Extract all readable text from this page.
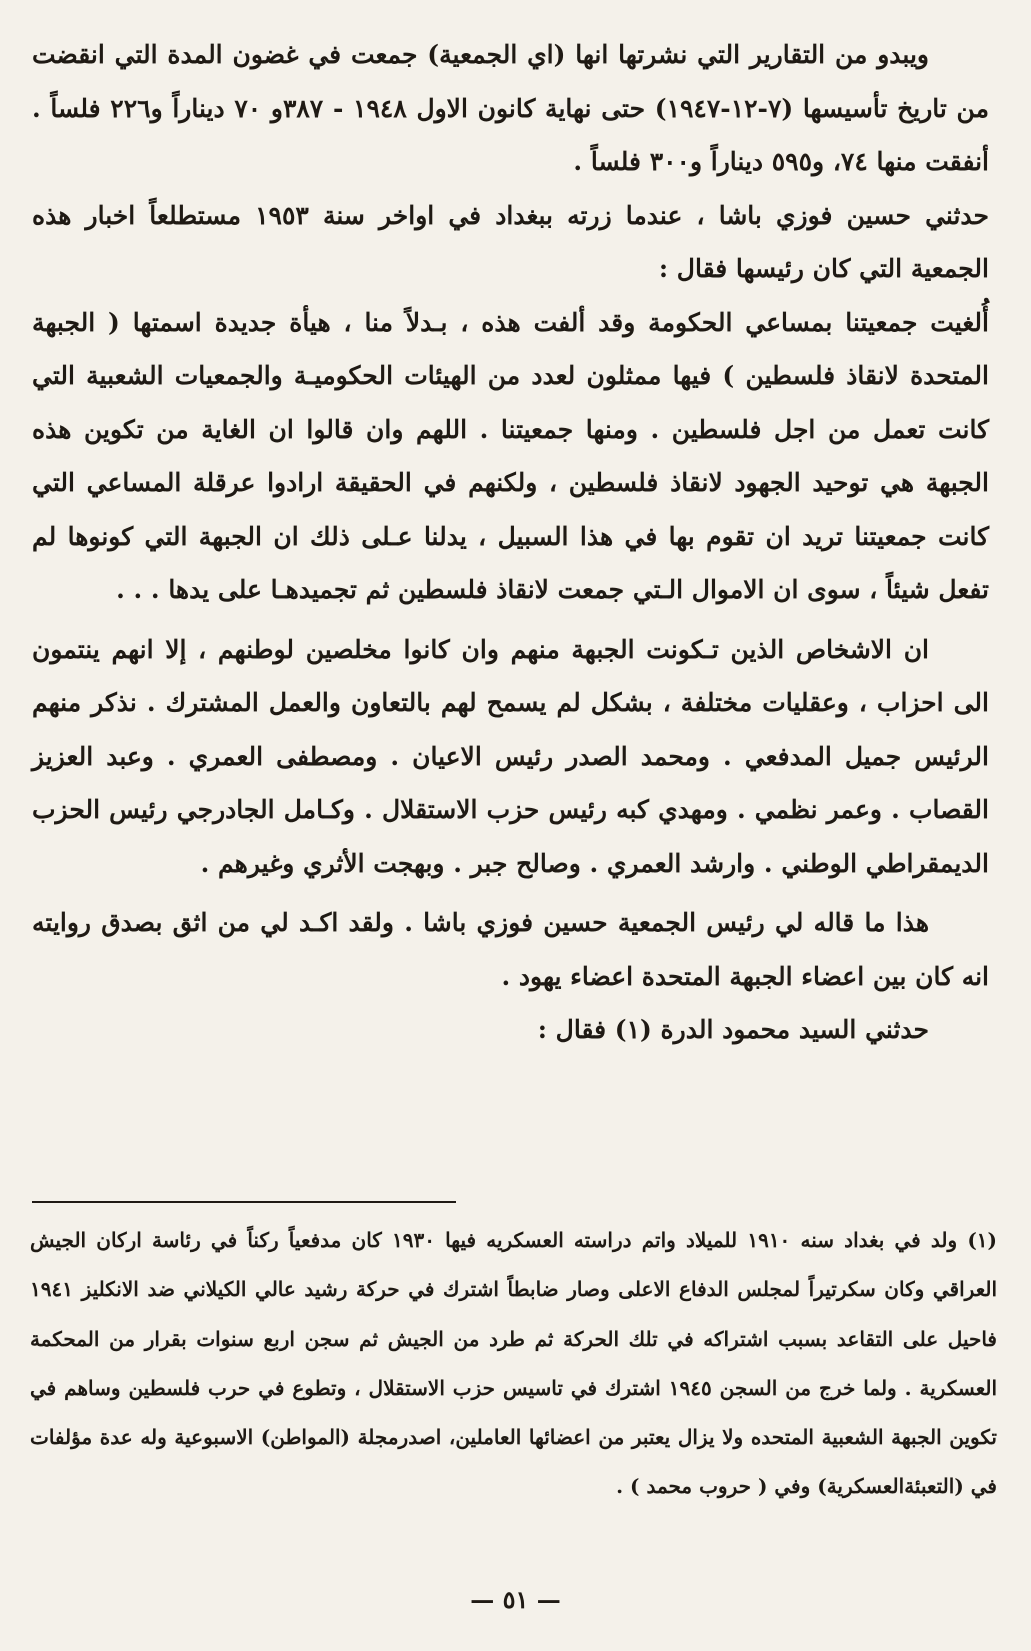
ويبدو من التقارير التي نشرتها انها (اي الجمعية) جمعت في غضون المدة التي انقضت من تاريخ تأسيسها (٧-١٢-١٩٤٧) حتى نهاية كانون الاول ١٩٤٨ - ٣٨٧و ٧٠ ديناراً و٢٢٦ فلساً . أنفقت منها ٧٤، و٥٩٥ ديناراً و٣٠٠ فلساً .

حدثني حسين فوزي باشا ، عندما زرته ببغداد في اواخر سنة ١٩٥٣ مستطلعاً اخبار هذه الجمعية التي كان رئيسها فقال :

أُلغيت جمعيتنا بمساعي الحكومة وقد ألفت هذه ، بـدلاً منا ، هيأة جديدة اسمتها ( الجبهة المتحدة لانقاذ فلسطين ) فيها ممثلون لعدد من الهيئات الحكوميـة والجمعيات الشعبية التي كانت تعمل من اجل فلسطين . ومنها جمعيتنا . اللهم وان قالوا ان الغاية من تكوين هذه الجبهة هي توحيد الجهود لانقاذ فلسطين ، ولكنهم في الحقيقة ارادوا عرقلة المساعي التي كانت جمعيتنا تريد ان تقوم بها في هذا السبيل ، يدلنا عـلى ذلك ان الجبهة التي كونوها لم تفعل شيئاً ، سوى ان الاموال الـتي جمعت لانقاذ فلسطين ثم تجميدهـا على يدها . . .

ان الاشخاص الذين تـكونت الجبهة منهم وان كانوا مخلصين لوطنهم ، إلا انهم ينتمون الى احزاب ، وعقليات مختلفة ، بشكل لم يسمح لهم بالتعاون والعمل المشترك . نذكر منهم الرئيس جميل المدفعي . ومحمد الصدر رئيس الاعيان . ومصطفى العمري . وعبد العزيز القصاب . وعمر نظمي . ومهدي كبه رئيس حزب الاستقلال . وكـامل الجادرجي رئيس الحزب الديمقراطي الوطني . وارشد العمري . وصالح جبر . وبهجت الأثري وغيرهم .

هذا ما قاله لي رئيس الجمعية حسين فوزي باشا . ولقد اكـد لي من اثق بصدق روايته انه كان بين اعضاء الجبهة المتحدة اعضاء يهود .

حدثني السيد محمود الدرة (١) فقال :

(١) ولد في بغداد سنه ١٩١٠ للميلاد واتم دراسته العسكريه فيها ١٩٣٠ كان مدفعياً ركناً في رئاسة اركان الجيش العراقي وكان سكرتيراً لمجلس الدفاع الاعلى وصار ضابطاً اشترك في حركة رشيد عالي الكيلاني ضد الانكليز ١٩٤١ فاحيل على التقاعد بسبب اشتراكه في تلك الحركة ثم طرد من الجيش ثم سجن اربع سنوات بقرار من المحكمة العسكرية . ولما خرج من السجن ١٩٤٥ اشترك في تاسيس حزب الاستقلال ، وتطوع في حرب فلسطين وساهم في تكوين الجبهة الشعبية المتحده ولا يزال يعتبر من اعضائها العاملين، اصدرمجلة (المواطن) الاسبوعية وله عدة مؤلفات في (التعبئةالعسكرية) وفي ( حروب محمد ) .

— ٥١ —
